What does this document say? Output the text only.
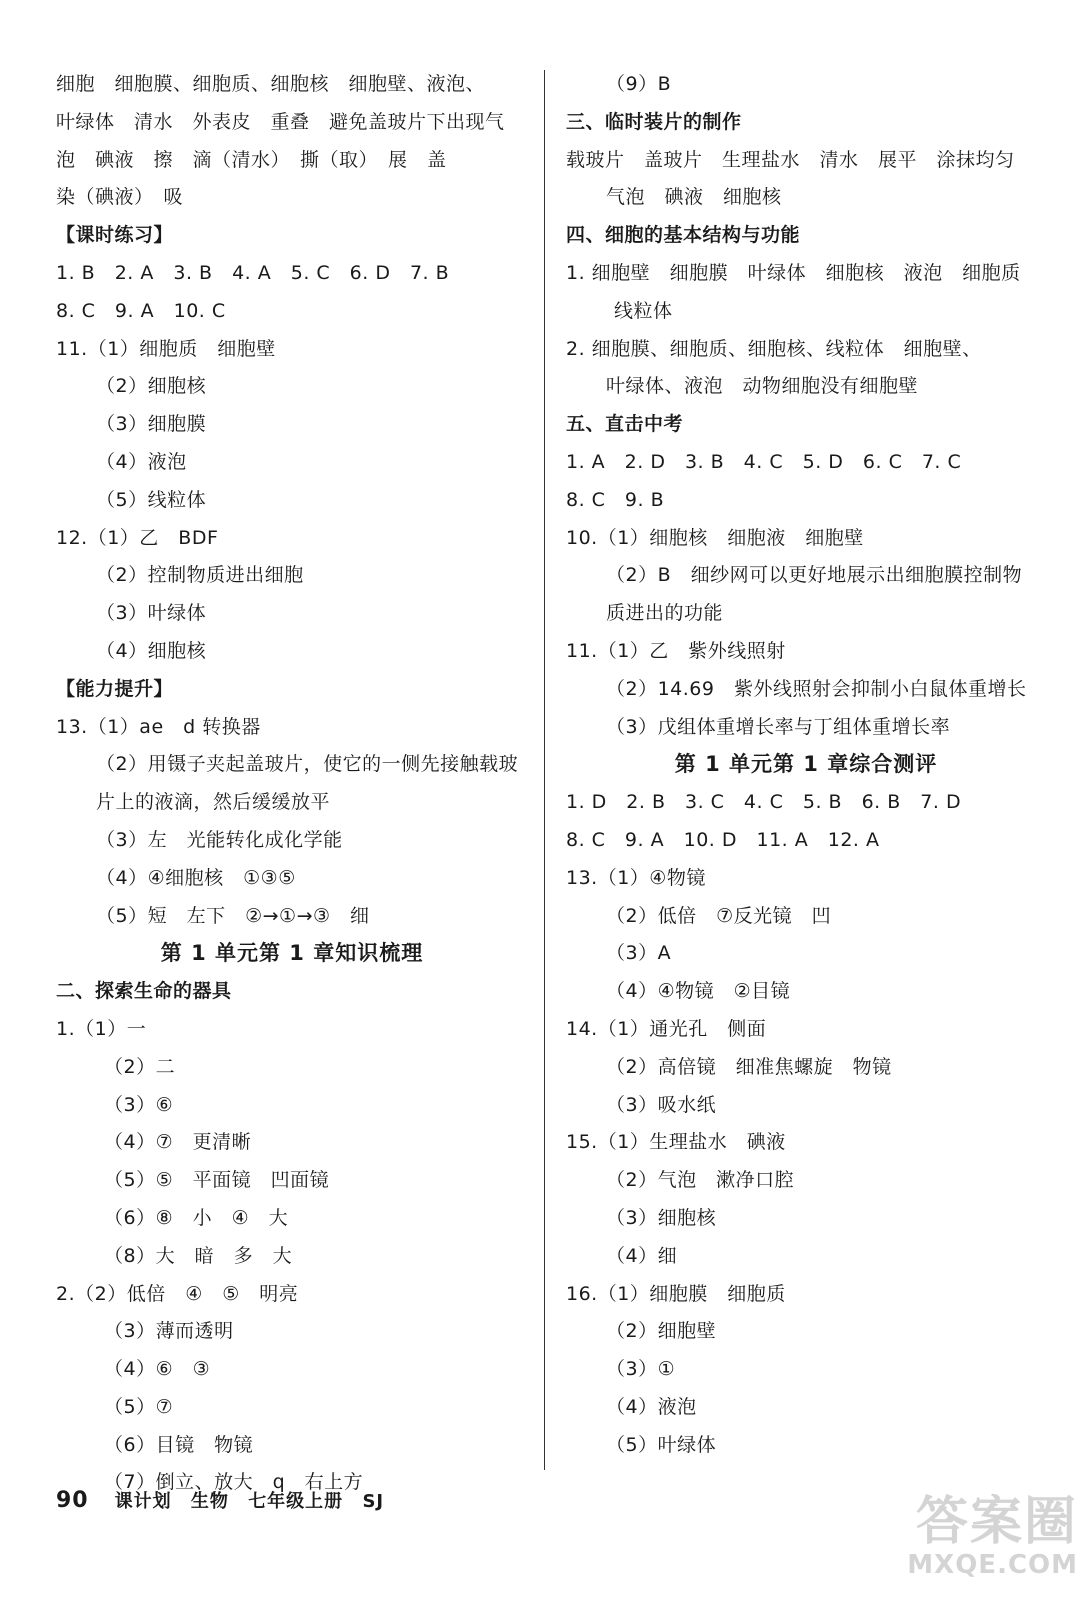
细胞　细胞膜、细胞质、细胞核　细胞壁、液泡、
叶绿体　清水　外表皮　重叠　避免盖玻片下出现气
泡　碘液　擦　滴（清水）　撕（取）　展　盖
染（碘液）　吸
【课时练习】
1. B　2. A　3. B　4. A　5. C　6. D　7. B
8. C　9. A　10. C
11.（1）细胞质　细胞壁
（2）细胞核
（3）细胞膜
（4）液泡
（5）线粒体
12.（1）乙　BDF
（2）控制物质进出细胞
（3）叶绿体
（4）细胞核
【能力提升】
13.（1）ae　d 转换器
（2）用镊子夹起盖玻片，使它的一侧先接触载玻
片上的液滴，然后缓缓放平
（3）左　光能转化成化学能
（4）④细胞核　①③⑤
（5）短　左下　②→①→③　细
第 1 单元第 1 章知识梳理
二、探索生命的器具
1.（1）一
（2）二
（3）⑥
（4）⑦　更清晰
（5）⑤　平面镜　凹面镜
（6）⑧　小　④　大
（8）大　暗　多　大
2.（2）低倍　④　⑤　明亮
（3）薄而透明
（4）⑥　③
（5）⑦
（6）目镜　物镜
（7）倒立、放大　q　右上方
（9）B
三、临时装片的制作
载玻片　盖玻片　生理盐水　清水　展平　涂抹均匀
气泡　碘液　细胞核
四、细胞的基本结构与功能
1. 细胞壁　细胞膜　叶绿体　细胞核　液泡　细胞质
线粒体
2. 细胞膜、细胞质、细胞核、线粒体　细胞壁、
叶绿体、液泡　动物细胞没有细胞壁
五、直击中考
1. A　2. D　3. B　4. C　5. D　6. C　7. C
8. C　9. B
10.（1）细胞核　细胞液　细胞壁
（2）B　细纱网可以更好地展示出细胞膜控制物
质进出的功能
11.（1）乙　紫外线照射
（2）14.69　紫外线照射会抑制小白鼠体重增长
（3）戊组体重增长率与丁组体重增长率
第 1 单元第 1 章综合测评
1. D　2. B　3. C　4. C　5. B　6. B　7. D
8. C　9. A　10. D　11. A　12. A
13.（1）④物镜
（2）低倍　⑦反光镜　凹
（3）A
（4）④物镜　②目镜
14.（1）通光孔　侧面
（2）高倍镜　细准焦螺旋　物镜
（3）吸水纸
15.（1）生理盐水　碘液
（2）气泡　漱净口腔
（3）细胞核
（4）细
16.（1）细胞膜　细胞质
（2）细胞壁
（3）①
（4）液泡
（5）叶绿体
90 课计划 生物 七年级上册 SJ	答案圈
MXQE.COM
